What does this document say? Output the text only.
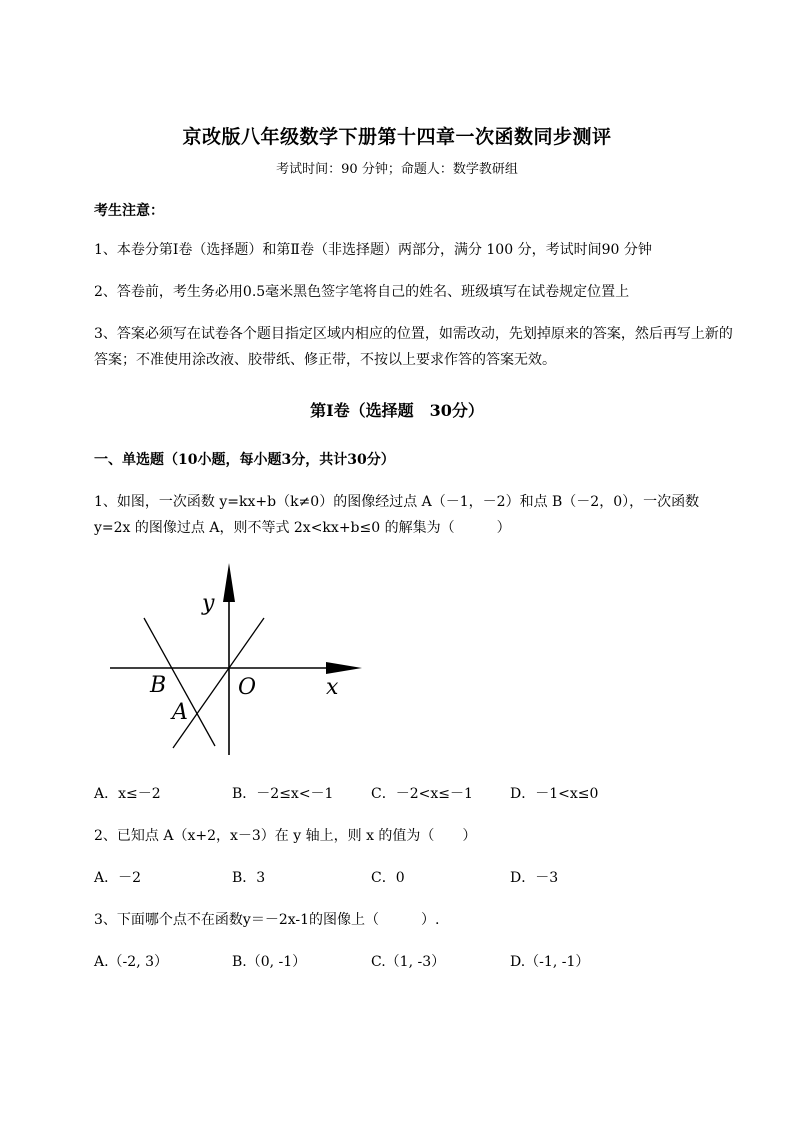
京改版八年级数学下册第十四章一次函数同步测评
考试时间：90 分钟；命题人：数学教研组
考生注意：
1、本卷分第Ⅰ卷（选择题）和第Ⅱ卷（非选择题）两部分，满分 100 分，考试时间90 分钟
2、答卷前，考生务必用0.5毫米黑色签字笔将自己的姓名、班级填写在试卷规定位置上
3、答案必须写在试卷各个题目指定区域内相应的位置，如需改动，先划掉原来的答案，然后再写上新的答案；不准使用涂改液、胶带纸、修正带，不按以上要求作答的答案无效。
第Ⅰ卷（选择题　30分）
一、单选题（10小题，每小题3分，共计30分）
1、如图，一次函数 y=kx+b（k≠0）的图像经过点 A（－1，－2）和点 B（－2，0），一次函数 y=2x 的图像过点 A，则不等式 2x<kx+b≤0 的解集为（　　　）
y
x
O
B
A
A．x≤－2	B．－2≤x<－1	C．－2<x≤－1	D．－1<x≤0
2、已知点 A（x+2，x－3）在 y 轴上，则 x 的值为（　　）
A．－2	B．3	C．0	D．－3
3、下面哪个点不在函数y＝－2x-1的图像上（　　　）.
A.（-2, 3）	B.（0, -1）	C.（1, -3）	D.（-1, -1）
